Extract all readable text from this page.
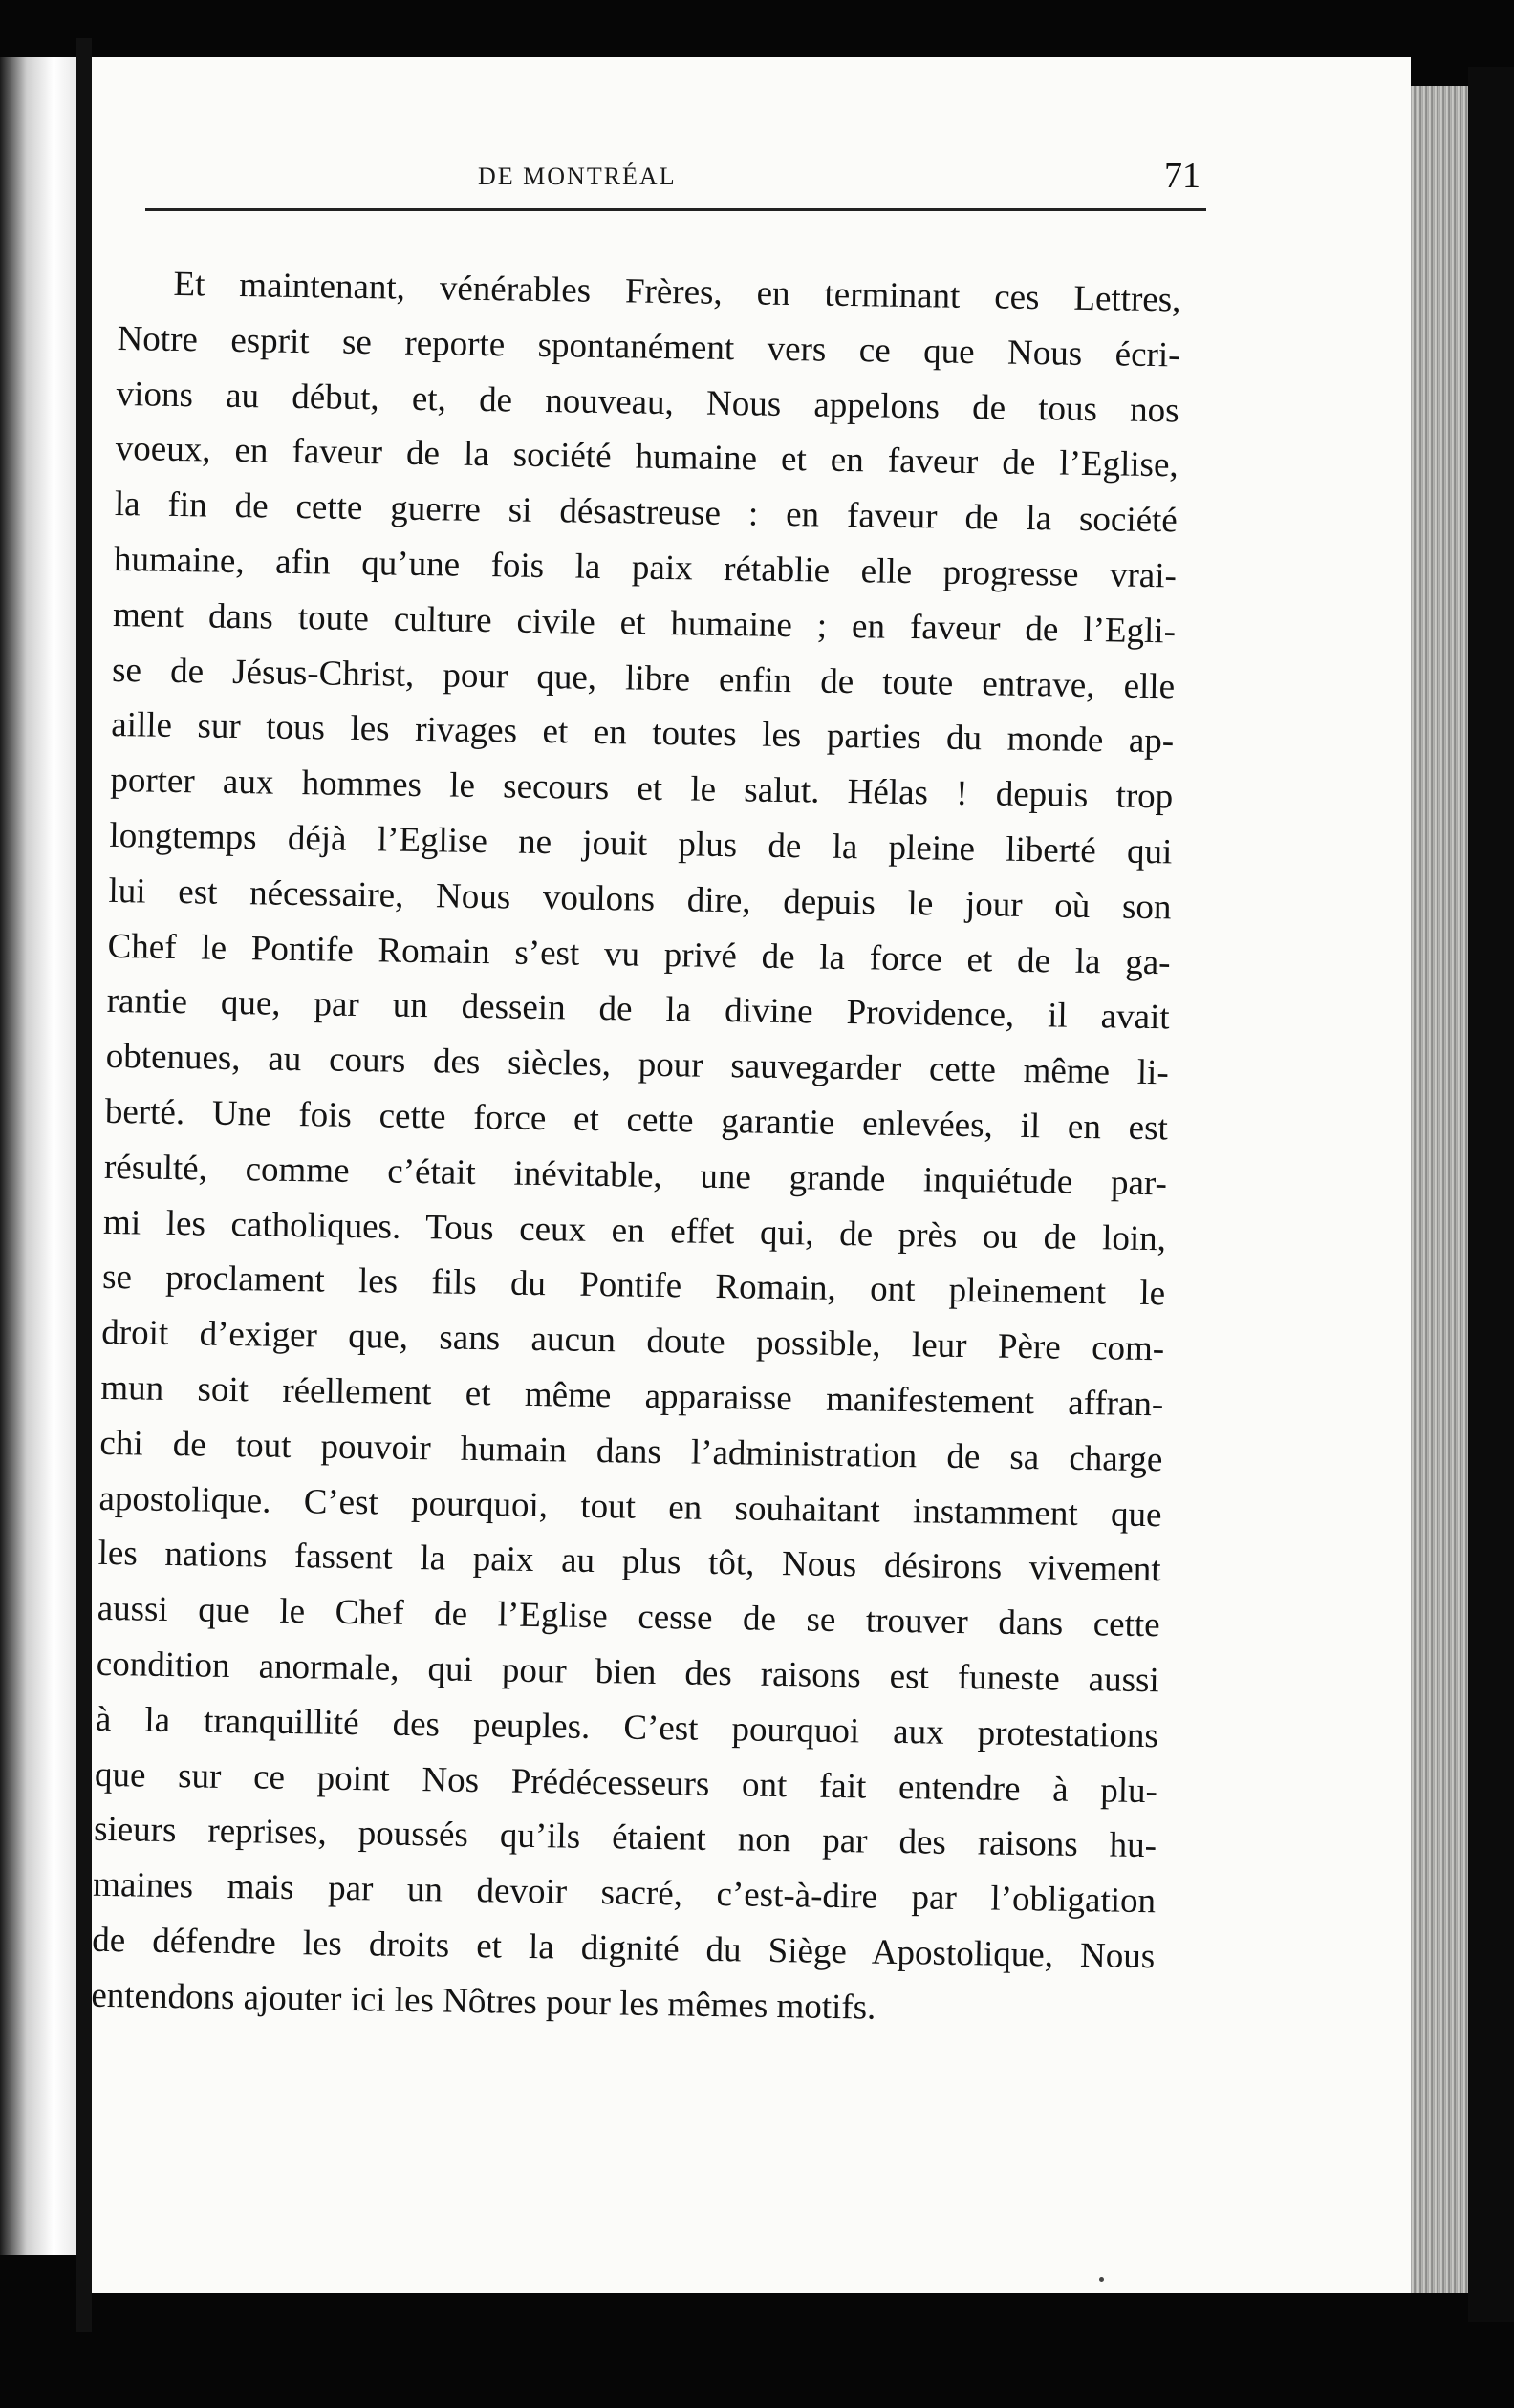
DE MONTRÉAL	71
Et maintenant, vénérables Frères, en terminant ces Lettres,
Notre esprit se reporte spontanément vers ce que Nous écri-
vions au début, et, de nouveau, Nous appelons de tous nos
voeux, en faveur de la société humaine et en faveur de l’Eglise,
la fin de cette guerre si désastreuse : en faveur de la société
humaine, afin qu’une fois la paix rétablie elle progresse vrai-
ment dans toute culture civile et humaine ; en faveur de l’Egli-
se de Jésus-Christ, pour que, libre enfin de toute entrave, elle
aille sur tous les rivages et en toutes les parties du monde ap-
porter aux hommes le secours et le salut. Hélas ! depuis trop
longtemps déjà l’Eglise ne jouit plus de la pleine liberté qui
lui est nécessaire, Nous voulons dire, depuis le jour où son
Chef le Pontife Romain s’est vu privé de la force et de la ga-
rantie que, par un dessein de la divine Providence, il avait
obtenues, au cours des siècles, pour sauvegarder cette même li-
berté. Une fois cette force et cette garantie enlevées, il en est
résulté, comme c’était inévitable, une grande inquiétude par-
mi les catholiques. Tous ceux en effet qui, de près ou de loin,
se proclament les fils du Pontife Romain, ont pleinement le
droit d’exiger que, sans aucun doute possible, leur Père com-
mun soit réellement et même apparaisse manifestement affran-
chi de tout pouvoir humain dans l’administration de sa charge
apostolique. C’est pourquoi, tout en souhaitant instamment que
les nations fassent la paix au plus tôt, Nous désirons vivement
aussi que le Chef de l’Eglise cesse de se trouver dans cette
condition anormale, qui pour bien des raisons est funeste aussi
à la tranquillité des peuples. C’est pourquoi aux protestations
que sur ce point Nos Prédécesseurs ont fait entendre à plu-
sieurs reprises, poussés qu’ils étaient non par des raisons hu-
maines mais par un devoir sacré, c’est-à-dire par l’obligation
de défendre les droits et la dignité du Siège Apostolique, Nous
entendons ajouter ici les Nôtres pour les mêmes motifs.
